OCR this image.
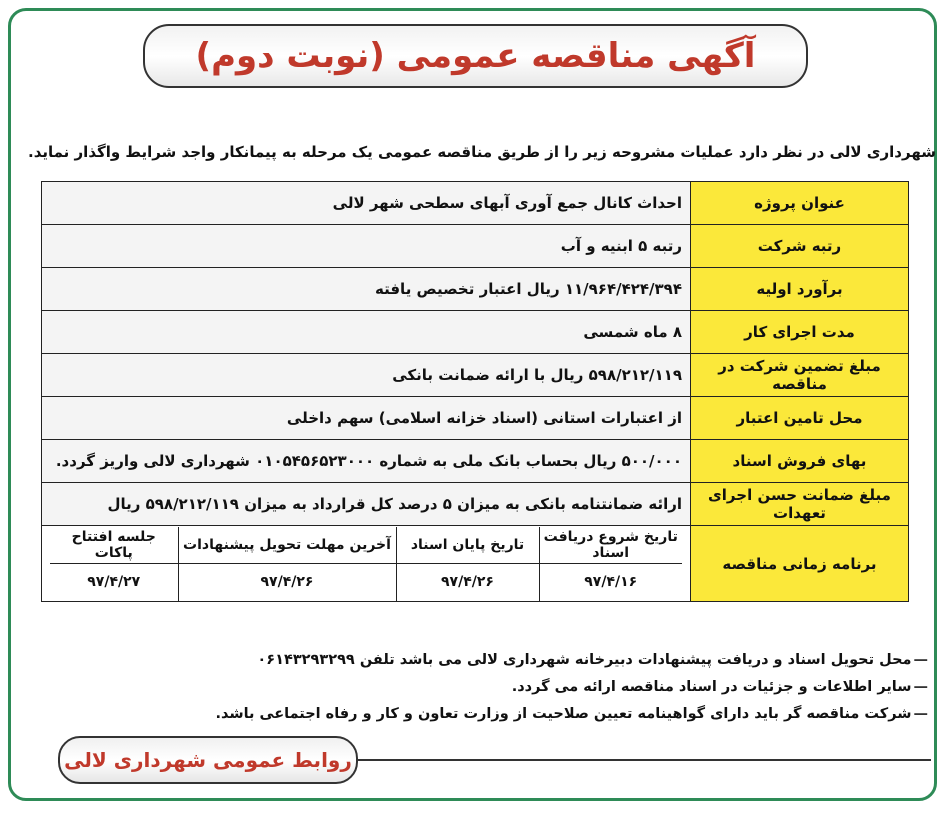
آگهی مناقصه عمومی (نوبت دوم)
شهرداری لالی در نظر دارد عملیات مشروحه زیر را از طریق مناقصه عمومی یک مرحله به پیمانکار واجد شرایط واگذار نماید.
عنوان پروژه	احداث کانال جمع آوری آبهای سطحی شهر لالی
رتبه شرکت	رتبه ۵ ابنیه و آب
برآورد اولیه	۱۱/۹۶۴/۴۲۴/۳۹۴ ریال اعتبار تخصیص یافته
مدت اجرای کار	۸ ماه شمسی
مبلغ تضمین شرکت در مناقصه	۵۹۸/۲۱۲/۱۱۹ ریال با ارائه ضمانت بانکی
محل تامین اعتبار	از اعتبارات استانی (اسناد خزانه اسلامی) سهم داخلی
بهای فروش اسناد	۵۰۰/۰۰۰ ریال بحساب بانک ملی به شماره ۰۱۰۵۴۵۶۵۲۳۰۰۰ شهرداری لالی واریز گردد.
مبلغ ضمانت حسن اجرای تعهدات	ارائه ضمانتنامه بانکی به میزان ۵ درصد کل قرارداد به میزان ۵۹۸/۲۱۲/۱۱۹ ریال
برنامه زمانی مناقصه	
تاریخ شروع دریافت اسناد	تاریخ پایان اسناد	آخرین مهلت تحویل پیشنهادات	جلسه افتتاح پاکات
۹۷/۴/۱۶	۹۷/۴/۲۶	۹۷/۴/۲۶	۹۷/۴/۲۷
— محل تحویل اسناد و دریافت پیشنهادات دبیرخانه شهرداری لالی می باشد تلفن ۰۶۱۴۳۲۹۳۲۹۹
— سایر اطلاعات و جزئیات در اسناد مناقصه ارائه می گردد.
— شرکت مناقصه گر باید دارای گواهینامه تعیین صلاحیت از وزارت تعاون و کار و رفاه اجتماعی باشد.
روابط عمومی شهرداری لالی
